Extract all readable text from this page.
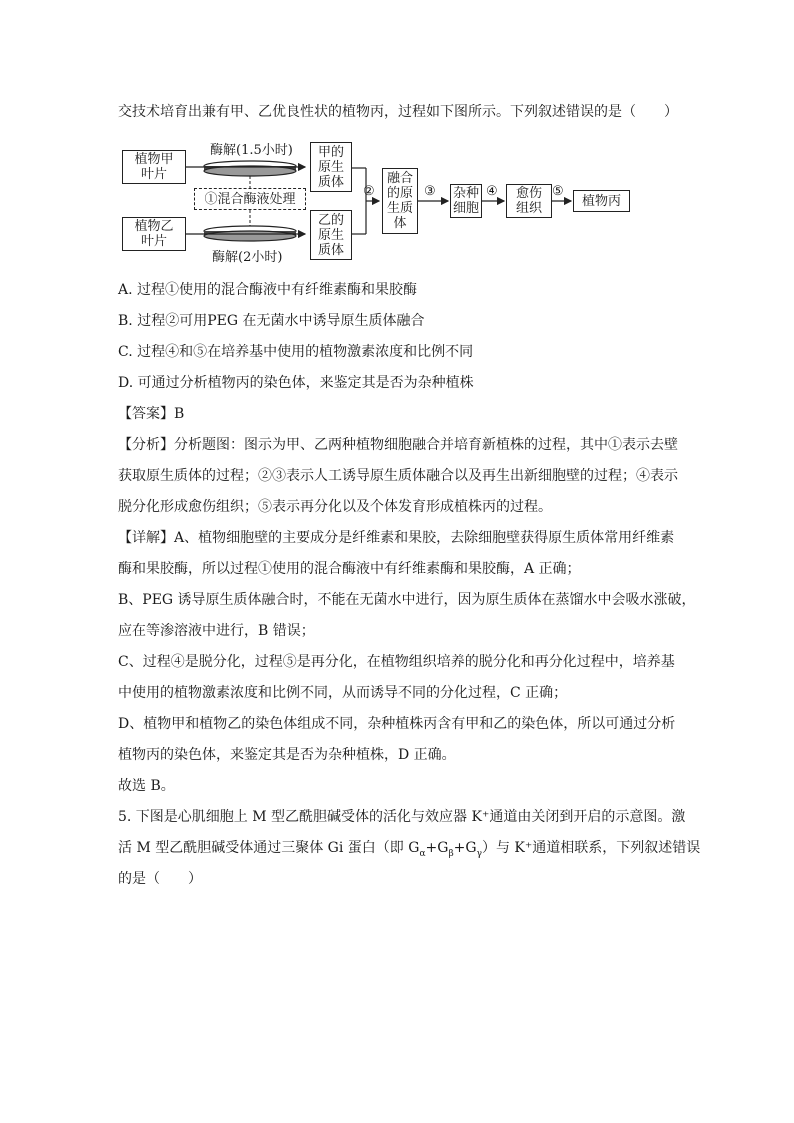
交技术培育出兼有甲、乙优良性状的植物丙，过程如下图所示。下列叙述错误的是（　　）
植物甲
叶片
植物乙
叶片
酶解(1.5小时)
酶解(2小时)
①混合酶液处理
甲的
原生
质体
乙的
原生
质体
②
融合
的原
生质
体
③ 杂种
细胞
④ 愈伤
组织
⑤
植物丙
A. 过程①使用的混合酶液中有纤维素酶和果胶酶
B. 过程②可用PEG 在无菌水中诱导原生质体融合
C. 过程④和⑤在培养基中使用的植物激素浓度和比例不同
D. 可通过分析植物丙的染色体，来鉴定其是否为杂种植株
【答案】B
【分析】分析题图：图示为甲、乙两种植物细胞融合并培育新植株的过程，其中①表示去壁
获取原生质体的过程；②③表示人工诱导原生质体融合以及再生出新细胞壁的过程；④表示
脱分化形成愈伤组织；⑤表示再分化以及个体发育形成植株丙的过程。
【详解】A、植物细胞壁的主要成分是纤维素和果胶，去除细胞壁获得原生质体常用纤维素
酶和果胶酶，所以过程①使用的混合酶液中有纤维素酶和果胶酶，A 正确；
B、PEG 诱导原生质体融合时，不能在无菌水中进行，因为原生质体在蒸馏水中会吸水涨破，
应在等渗溶液中进行，B 错误；
C、过程④是脱分化，过程⑤是再分化，在植物组织培养的脱分化和再分化过程中，培养基
中使用的植物激素浓度和比例不同，从而诱导不同的分化过程，C 正确；
D、植物甲和植物乙的染色体组成不同，杂种植株丙含有甲和乙的染色体，所以可通过分析
植物丙的染色体，来鉴定其是否为杂种植株，D 正确。
故选 B。
5. 下图是心肌细胞上 M 型乙酰胆碱受体的活化与效应器 K⁺通道由关闭到开启的示意图。激
活 M 型乙酰胆碱受体通过三聚体 Gi 蛋白（即 $G_\alpha+G_\beta+G_\gamma$）与 K⁺通道相联系，下列叙述错误
的是（　　）
